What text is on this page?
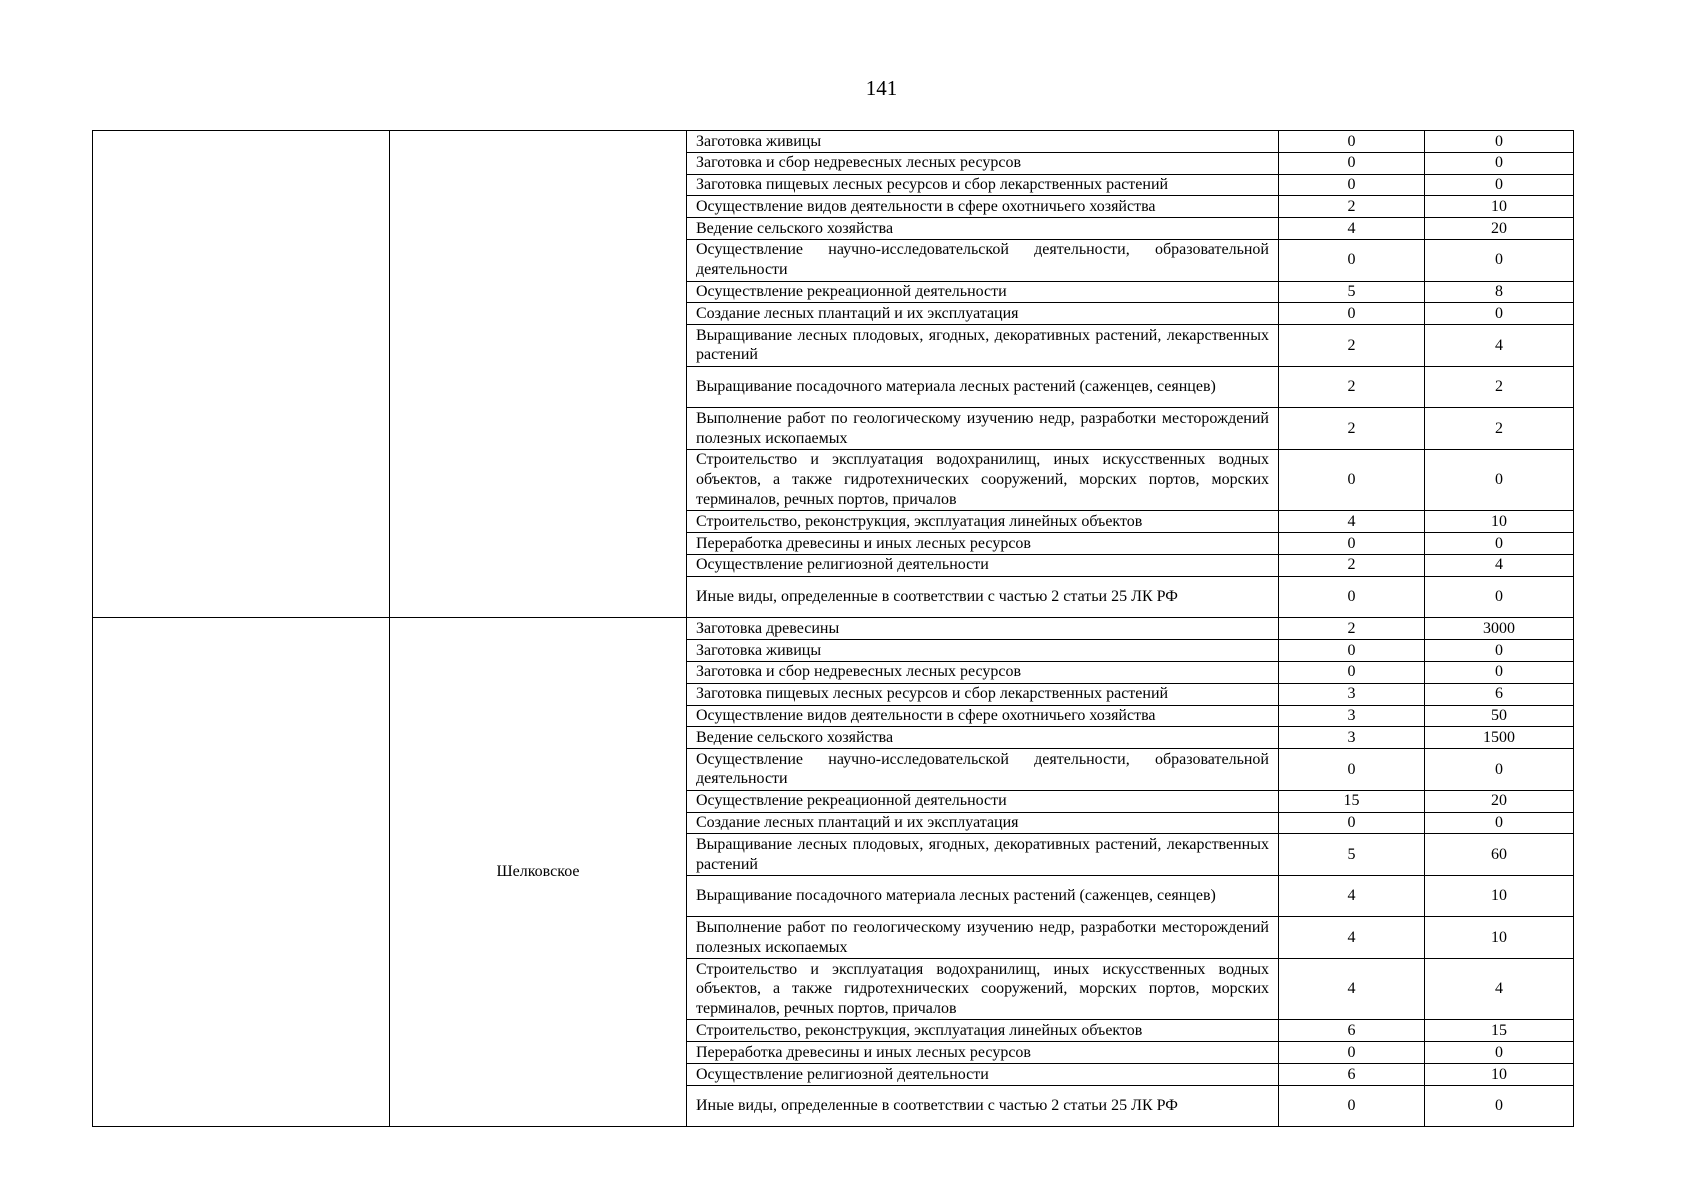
141
		Заготовка живицы	0	0
		Заготовка и сбор недревесных лесных ресурсов	0	0
		Заготовка пищевых лесных ресурсов и сбор лекарственных растений	0	0
		Осуществление видов деятельности в сфере охотничьего хозяйства	2	10
		Ведение сельского хозяйства	4	20
		Осуществление научно-исследовательской деятельности, образовательной деятельности	0	0
		Осуществление рекреационной деятельности	5	8
		Создание лесных плантаций и их эксплуатация	0	0
		Выращивание лесных плодовых, ягодных, декоративных растений, лекарственных растений	2	4
		Выращивание посадочного материала лесных растений (саженцев, сеянцев)	2	2
		Выполнение работ по геологическому изучению недр, разработки месторождений полезных ископаемых	2	2
		Строительство и эксплуатация водохранилищ, иных искусственных водных объектов, а также гидротехнических сооружений, морских портов, морских терминалов, речных портов, причалов	0	0
		Строительство, реконструкция, эксплуатация линейных объектов	4	10
		Переработка древесины и иных лесных ресурсов	0	0
		Осуществление религиозной деятельности	2	4
		Иные виды, определенные в соответствии с частью 2 статьи 25 ЛК РФ	0	0
	Шелковское	Заготовка древесины	2	3000
		Заготовка живицы	0	0
		Заготовка и сбор недревесных лесных ресурсов	0	0
		Заготовка пищевых лесных ресурсов и сбор лекарственных растений	3	6
		Осуществление видов деятельности в сфере охотничьего хозяйства	3	50
		Ведение сельского хозяйства	3	1500
		Осуществление научно-исследовательской деятельности, образовательной деятельности	0	0
		Осуществление рекреационной деятельности	15	20
		Создание лесных плантаций и их эксплуатация	0	0
		Выращивание лесных плодовых, ягодных, декоративных растений, лекарственных растений	5	60
		Выращивание посадочного материала лесных растений (саженцев, сеянцев)	4	10
		Выполнение работ по геологическому изучению недр, разработки месторождений полезных ископаемых	4	10
		Строительство и эксплуатация водохранилищ, иных искусственных водных объектов, а также гидротехнических сооружений, морских портов, морских терминалов, речных портов, причалов	4	4
		Строительство, реконструкция, эксплуатация линейных объектов	6	15
		Переработка древесины и иных лесных ресурсов	0	0
		Осуществление религиозной деятельности	6	10
		Иные виды, определенные в соответствии с частью 2 статьи 25 ЛК РФ	0	0
